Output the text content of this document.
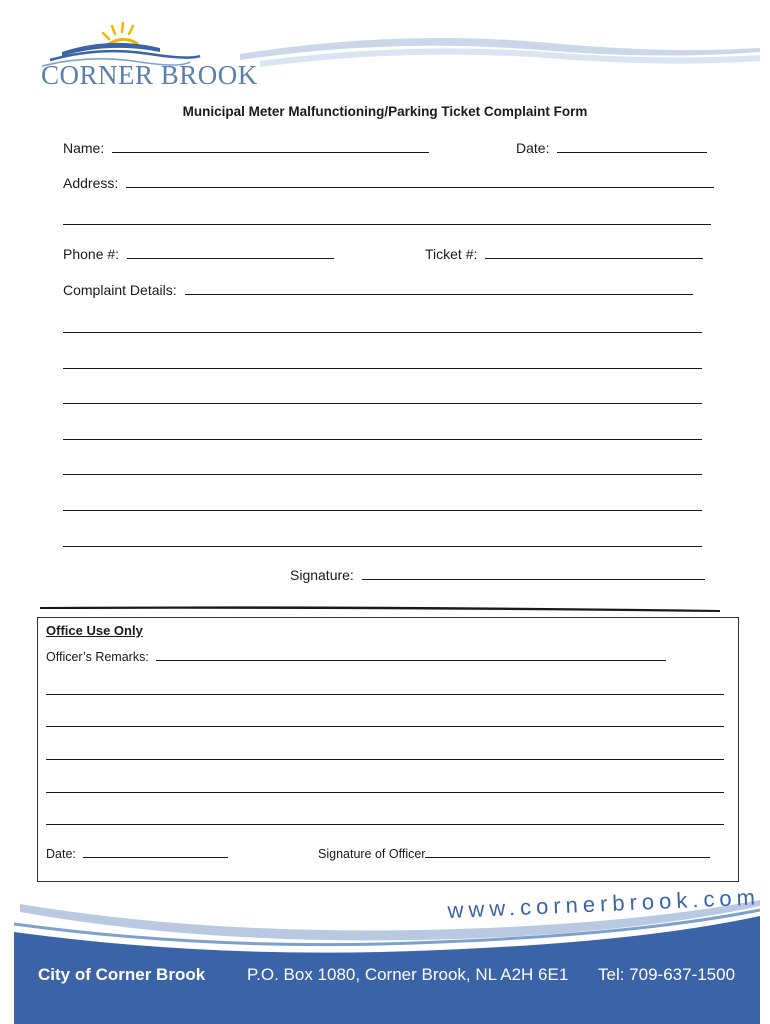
CORNER BROOK
Municipal Meter Malfunctioning/Parking Ticket Complaint Form
Name:	Date:
Address:
Phone #:	Ticket #:
Complaint Details:
Signature:
Office Use Only
Officer’s Remarks:
Date:	Signature of Officer
www.cornerbrook.com
City of Corner Brook P.O. Box 1080, Corner Brook, NL A2H 6E1 Tel: 709-637-1500
